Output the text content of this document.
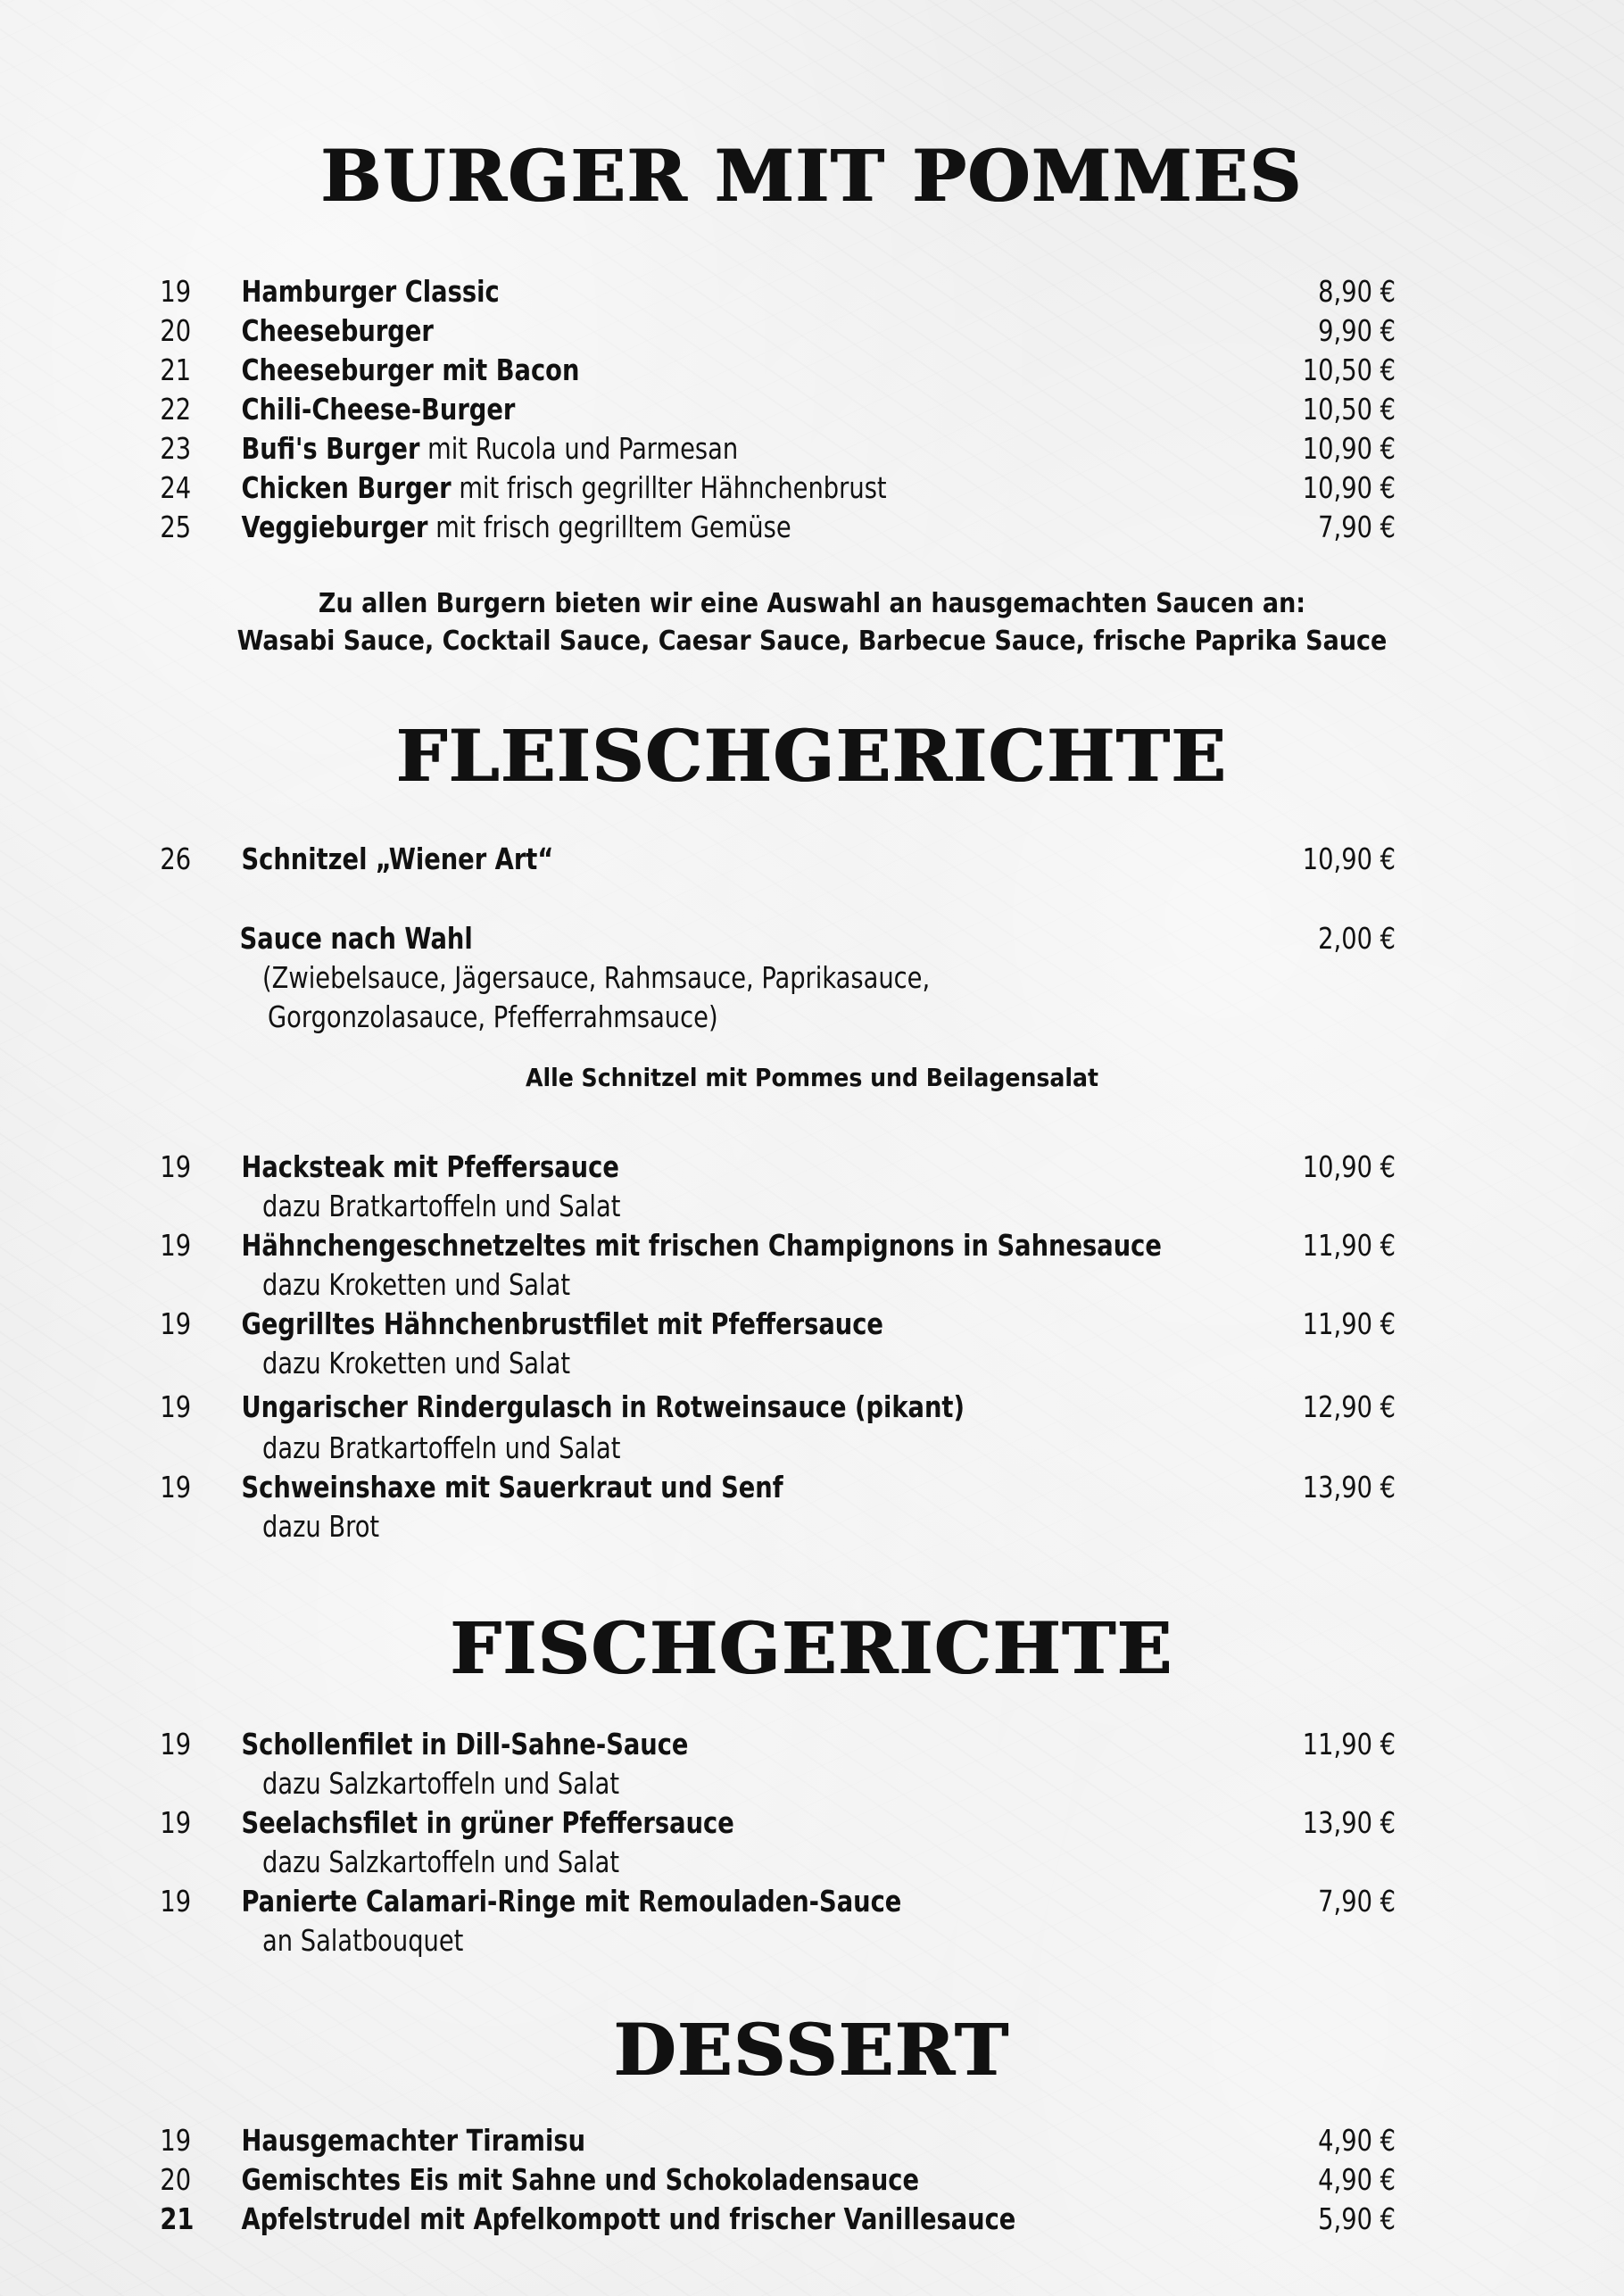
BURGER MIT POMMES
19	Hamburger Classic	8,90 €
20	Cheeseburger	9,90 €
21	Cheeseburger mit Bacon	10,50 €
22	Chili-Cheese-Burger	10,50 €
23	Bufi's Burger mit Rucola und Parmesan	10,90 €
24	Chicken Burger mit frisch gegrillter Hähnchenbrust	10,90 €
25	Veggieburger mit frisch gegrilltem Gemüse	7,90 €
Zu allen Burgern bieten wir eine Auswahl an hausgemachten Saucen an:
Wasabi Sauce, Cocktail Sauce, Caesar Sauce, Barbecue Sauce, frische Paprika Sauce
FLEISCHGERICHTE
26	Schnitzel „Wiener Art“	10,90 €
Sauce nach Wahl	2,00 €
(Zwiebelsauce, Jägersauce, Rahmsauce, Paprikasauce,
Gorgonzolasauce, Pfefferrahmsauce)
Alle Schnitzel mit Pommes und Beilagensalat
19	Hacksteak mit Pfeffersauce	10,90 €
dazu Bratkartoffeln und Salat
19	Hähnchengeschnetzeltes mit frischen Champignons in Sahnesauce	11,90 €
dazu Kroketten und Salat
19	Gegrilltes Hähnchenbrustfilet mit Pfeffersauce	11,90 €
dazu Kroketten und Salat
19	Ungarischer Rindergulasch in Rotweinsauce (pikant)	12,90 €
dazu Bratkartoffeln und Salat
19	Schweinshaxe mit Sauerkraut und Senf	13,90 €
dazu Brot
FISCHGERICHTE
19	Schollenfilet in Dill-Sahne-Sauce	11,90 €
dazu Salzkartoffeln und Salat
19	Seelachsfilet in grüner Pfeffersauce	13,90 €
dazu Salzkartoffeln und Salat
19	Panierte Calamari-Ringe mit Remouladen-Sauce	7,90 €
an Salatbouquet
DESSERT
19	Hausgemachter Tiramisu	4,90 €
20	Gemischtes Eis mit Sahne und Schokoladensauce	4,90 €
21	Apfelstrudel mit Apfelkompott und frischer Vanillesauce	5,90 €
